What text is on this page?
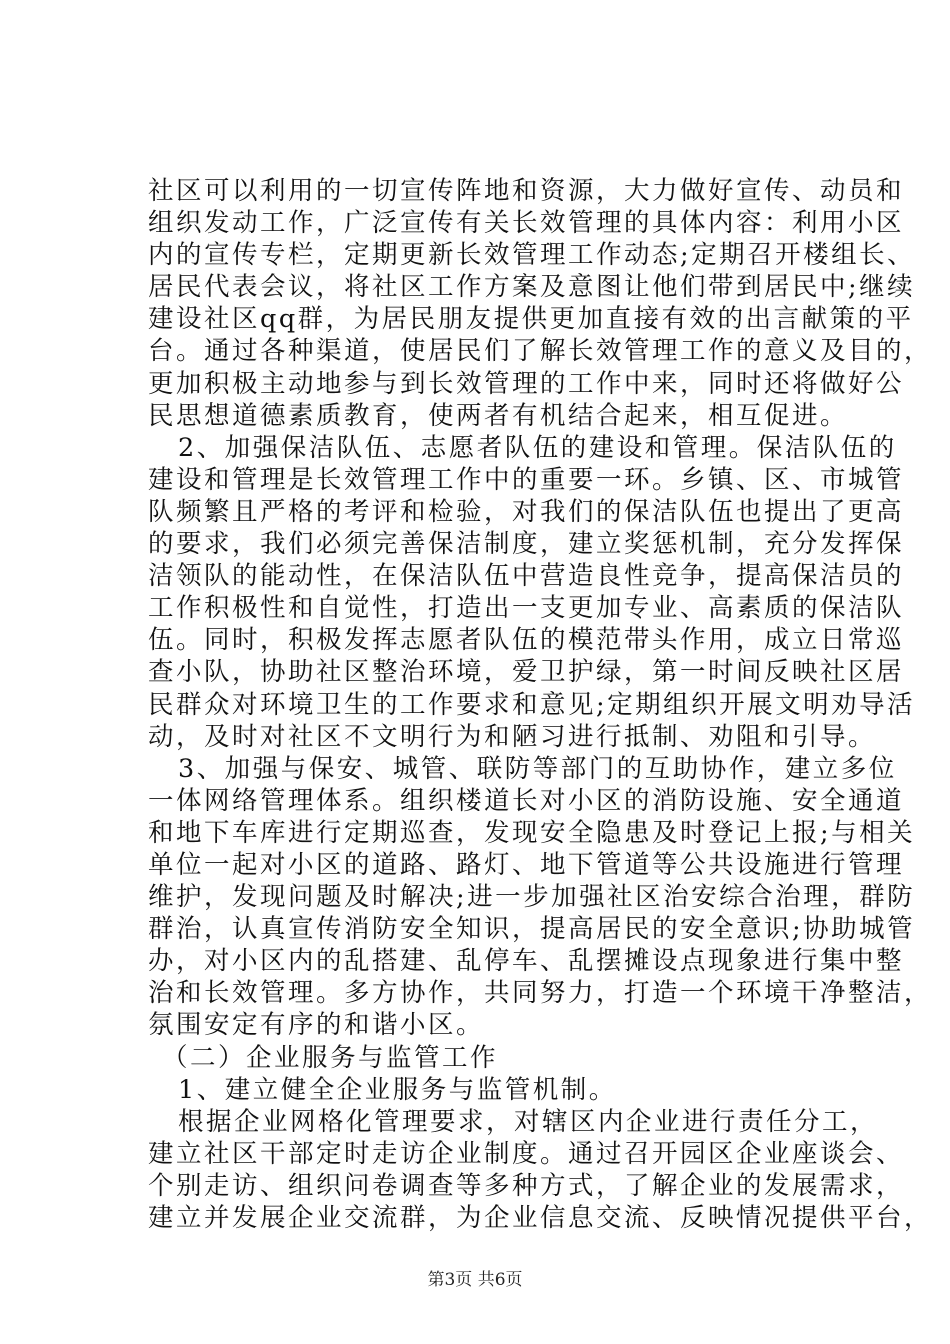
社区可以利用的一切宣传阵地和资源，大力做好宣传、动员和
组织发动工作，广泛宣传有关长效管理的具体内容：利用小区
内的宣传专栏，定期更新长效管理工作动态;定期召开楼组长、
居民代表会议，将社区工作方案及意图让他们带到居民中;继续
建设社区qq群，为居民朋友提供更加直接有效的出言献策的平
台。通过各种渠道，使居民们了解长效管理工作的意义及目的，
更加积极主动地参与到长效管理的工作中来，同时还将做好公
民思想道德素质教育，使两者有机结合起来，相互促进。
2、加强保洁队伍、志愿者队伍的建设和管理。保洁队伍的
建设和管理是长效管理工作中的重要一环。乡镇、区、市城管
队频繁且严格的考评和检验，对我们的保洁队伍也提出了更高
的要求，我们必须完善保洁制度，建立奖惩机制，充分发挥保
洁领队的能动性，在保洁队伍中营造良性竞争，提高保洁员的
工作积极性和自觉性，打造出一支更加专业、高素质的保洁队
伍。同时，积极发挥志愿者队伍的模范带头作用，成立日常巡
查小队，协助社区整治环境，爱卫护绿，第一时间反映社区居
民群众对环境卫生的工作要求和意见;定期组织开展文明劝导活
动，及时对社区不文明行为和陋习进行抵制、劝阻和引导。
3、加强与保安、城管、联防等部门的互助协作，建立多位
一体网络管理体系。组织楼道长对小区的消防设施、安全通道
和地下车库进行定期巡查，发现安全隐患及时登记上报;与相关
单位一起对小区的道路、路灯、地下管道等公共设施进行管理
维护，发现问题及时解决;进一步加强社区治安综合治理，群防
群治，认真宣传消防安全知识，提高居民的安全意识;协助城管
办，对小区内的乱搭建、乱停车、乱摆摊设点现象进行集中整
治和长效管理。多方协作，共同努力，打造一个环境干净整洁，
氛围安定有序的和谐小区。
（二）企业服务与监管工作
1、建立健全企业服务与监管机制。
根据企业网格化管理要求，对辖区内企业进行责任分工，
建立社区干部定时走访企业制度。通过召开园区企业座谈会、
个别走访、组织问卷调查等多种方式，了解企业的发展需求，
建立并发展企业交流群，为企业信息交流、反映情况提供平台，
第3页 共6页
